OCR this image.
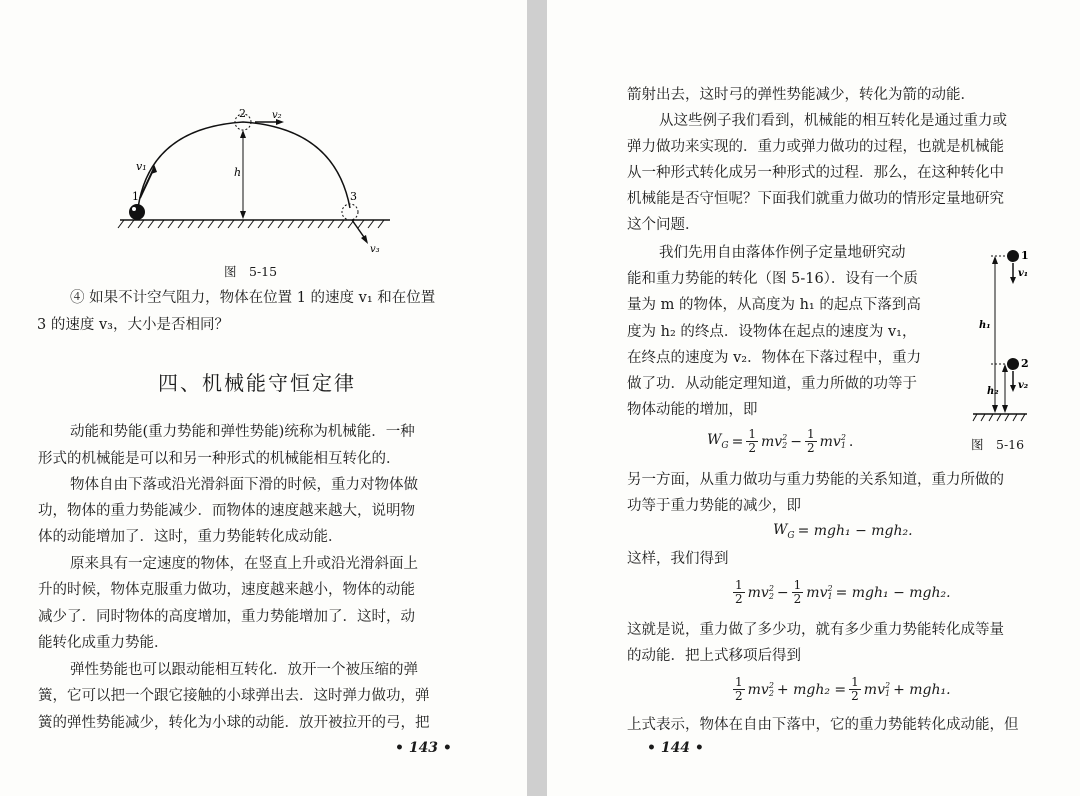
v₁
1
2	v₂
h
3
v₃
图　5-15
④ 如果不计空气阻力，物体在位置 1 的速度 v₁ 和在位置
3 的速度 v₃，大小是否相同？
四、机械能守恒定律
动能和势能(重力势能和弹性势能)统称为机械能．一种
形式的机械能是可以和另一种形式的机械能相互转化的．
物体自由下落或沿光滑斜面下滑的时候，重力对物体做
功，物体的重力势能减少．而物体的速度越来越大，说明物
体的动能增加了．这时，重力势能转化成动能．
原来具有一定速度的物体，在竖直上升或沿光滑斜面上
升的时候，物体克服重力做功，速度越来越小，物体的动能
减少了．同时物体的高度增加，重力势能增加了．这时，动
能转化成重力势能．
弹性势能也可以跟动能相互转化．放开一个被压缩的弹
簧，它可以把一个跟它接触的小球弹出去．这时弹力做功，弹
簧的弹性势能减少，转化为小球的动能．放开被拉开的弓，把
• 143 •
箭射出去，这时弓的弹性势能减少，转化为箭的动能．
从这些例子我们看到，机械能的相互转化是通过重力或
弹力做功来实现的．重力或弹力做功的过程，也就是机械能
从一种形式转化成另一种形式的过程．那么，在这种转化中
机械能是否守恒呢？下面我们就重力做功的情形定量地研究
这个问题．
我们先用自由落体作例子定量地研究动
能和重力势能的转化（图 5-16）．设有一个质
量为 m 的物体，从高度为 h₁ 的起点下落到高
度为 h₂ 的终点．设物体在起点的速度为 v₁，
在终点的速度为 v₂．物体在下落过程中，重力
做了功．从动能定理知道，重力所做的功等于
物体动能的增加，即
1
v₁
h₁
h₂
2
v₂
图　5-16
$W_G = \frac{1}{2}$ mv 2
$2 - \frac{1}{2}$ mv 2
1 .
另一方面，从重力做功与重力势能的关系知道，重力所做的
功等于重力势能的减少，即
$W_G = mgh_1 - mgh_2$.
这样，我们得到
$\frac{1}{2}$ mv 2
$2 - \frac{1}{2}$ mv 2
1 = mgh₁ − mgh₂.
这就是说，重力做了多少功，就有多少重力势能转化成等量
的动能．把上式移项后得到
$\frac{1}{2}$ mv 2
$2 + mgh_2 = \frac{1}{2}$ mv 2
1 + mgh₁.
上式表示，物体在自由下落中，它的重力势能转化成动能，但
• 144 •
